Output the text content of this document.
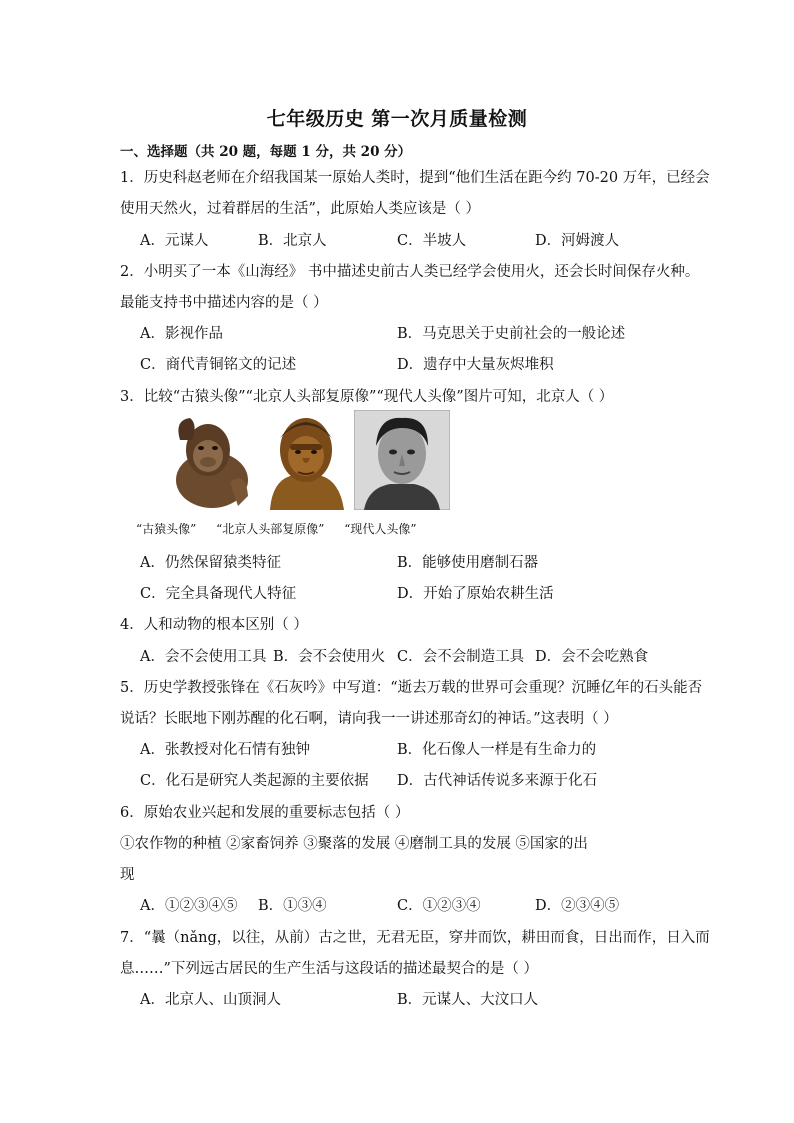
七年级历史 第一次月质量检测
一、选择题（共 20 题，每题 1 分，共 20 分）
1．历史科赵老师在介绍我国某一原始人类时，提到“他们生活在距今约 70-20 万年，已经会
使用天然火，过着群居的生活”，此原始人类应该是（ ）
A．元谋人	B．北京人	C．半坡人	D．河姆渡人
2．小明买了一本《山海经》 书中描述史前古人类已经学会使用火，还会长时间保存火种。
最能支持书中描述内容的是（ ）
A．影视作品	B．马克思关于史前社会的一般论述
C．商代青铜铭文的记述	D．遗存中大量灰烬堆积
3．比较“古猿头像”“北京人头部复原像”“现代人头像”图片可知，北京人（ ）
“古猿头像” “北京人头部复原像” “现代人头像”
A．仍然保留猿类特征	B．能够使用磨制石器
C．完全具备现代人特征	D．开始了原始农耕生活
4．人和动物的根本区别（ ）
A．会不会使用工具 B．会不会使用火 C．会不会制造工具 D．会不会吃熟食
5．历史学教授张锋在《石灰吟》中写道：“逝去万载的世界可会重现？沉睡亿年的石头能否
说话？长眠地下刚苏醒的化石啊，请向我一一讲述那奇幻的神话。”这表明（ ）
A．张教授对化石情有独钟	B．化石像人一样是有生命力的
C．化石是研究人类起源的主要依据 D．古代神话传说多来源于化石
6．原始农业兴起和发展的重要标志包括（ ）
①农作物的种植 ②家畜饲养 ③聚落的发展 ④磨制工具的发展 ⑤国家的出
现
A．①②③④⑤ B．①③④	C．①②③④	D．②③④⑤
7．“曩（nǎng，以往，从前）古之世，无君无臣，穿井而饮，耕田而食，日出而作，日入而
息……”下列远古居民的生产生活与这段话的描述最契合的是（ ）
A．北京人、山顶洞人	B．元谋人、大汶口人
